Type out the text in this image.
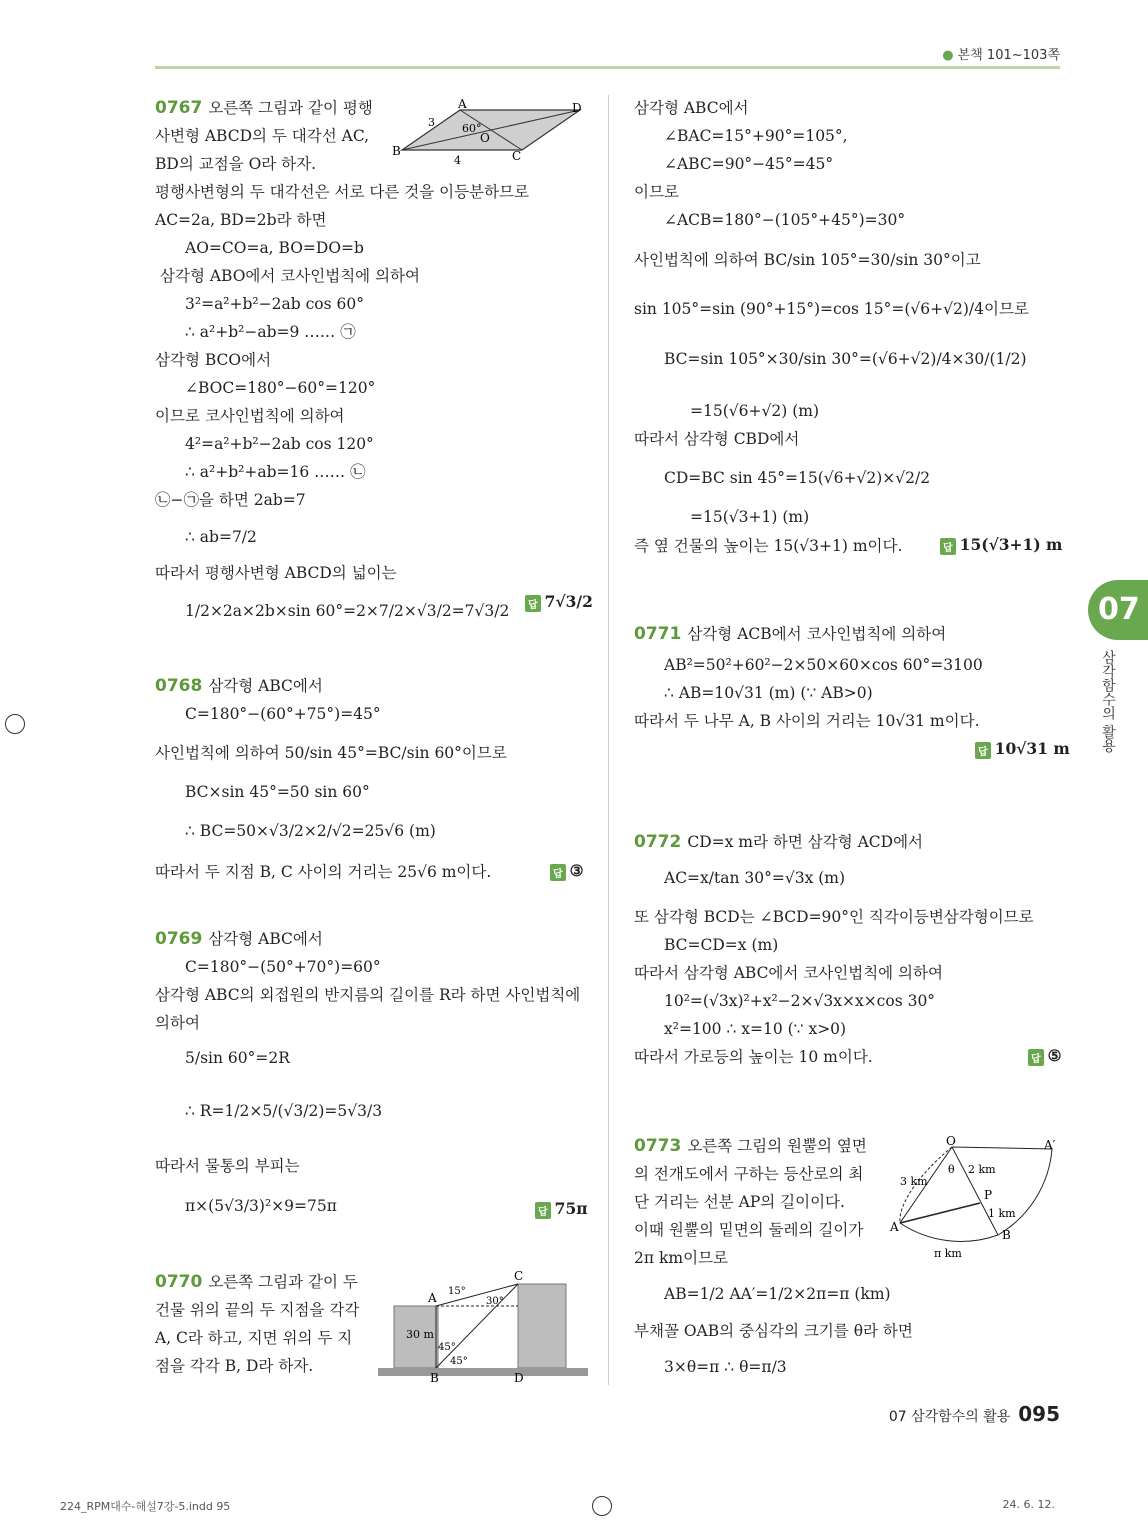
● 본책 101~103쪽
0767 오른쪽 그림과 같이 평행
사변형 ABCD의 두 대각선 AC,
BD의 교점을 O라 하자.
평행사변형의 두 대각선은 서로 다른 것을 이등분하므로
AC=2a, BD=2b라 하면
AO=CO=a, BO=DO=b
삼각형 ABO에서 코사인법칙에 의하여
3²=a²+b²−2ab cos 60°
∴ a²+b²−ab=9 …… ㉠
삼각형 BCO에서
∠BOC=180°−60°=120°
이므로 코사인법칙에 의하여
4²=a²+b²−2ab cos 120°
∴ a²+b²+ab=16 …… ㉡
㉡−㉠을 하면 2ab=7
∴ ab=7/2
따라서 평행사변형 ABCD의 넓이는
1/2×2a×2b×sin 60°=2×7/2×√3/2=7√3/2
0768 삼각형 ABC에서
C=180°−(60°+75°)=45°
사인법칙에 의하여 50/sin 45°=BC/sin 60°이므로
BC×sin 45°=50 sin 60°
∴ BC=50×√3/2×2/√2=25√6 (m)
따라서 두 지점 B, C 사이의 거리는 25√6 m이다.
0769 삼각형 ABC에서
C=180°−(50°+70°)=60°
삼각형 ABC의 외접원의 반지름의 길이를 R라 하면 사인법칙에
의하여
5/sin 60°=2R
∴ R=1/2×5/(√3/2)=5√3/3
따라서 물통의 부피는
π×(5√3/3)²×9=75π
0770 오른쪽 그림과 같이 두
건물 위의 끝의 두 지점을 각각
A, C라 하고, 지면 위의 두 지
점을 각각 B, D라 하자.
삼각형 ABC에서
∠BAC=15°+90°=105°,
∠ABC=90°−45°=45°
이므로
∠ACB=180°−(105°+45°)=30°
사인법칙에 의하여 BC/sin 105°=30/sin 30°이고
sin 105°=sin (90°+15°)=cos 15°=(√6+√2)/4이므로
BC=sin 105°×30/sin 30°=(√6+√2)/4×30/(1/2)
=15(√6+√2) (m)
따라서 삼각형 CBD에서
CD=BC sin 45°=15(√6+√2)×√2/2
=15(√3+1) (m)
즉 옆 건물의 높이는 15(√3+1) m이다.
0771 삼각형 ACB에서 코사인법칙에 의하여
AB²=50²+60²−2×50×60×cos 60°=3100
∴ AB=10√31 (m) (∵ AB>0)
따라서 두 나무 A, B 사이의 거리는 10√31 m이다.
0772 CD=x m라 하면 삼각형 ACD에서
AC=x/tan 30°=√3x (m)
또 삼각형 BCD는 ∠BCD=90°인 직각이등변삼각형이므로
BC=CD=x (m)
따라서 삼각형 ABC에서 코사인법칙에 의하여
10²=(√3x)²+x²−2×√3x×x×cos 30°
x²=100 ∴ x=10 (∵ x>0)
따라서 가로등의 높이는 10 m이다.
0773 오른쪽 그림의 원뿔의 옆면
의 전개도에서 구하는 등산로의 최
단 거리는 선분 AP의 길이이다.
이때 원뿔의 밑면의 둘레의 길이가
2π km이므로
AB=1/2 AA′=1/2×2π=π (km)
부채꼴 OAB의 중심각의 크기를 θ라 하면
3×θ=π ∴ θ=π/3
답 7√3/2
답 ③
답 75π
답 15(√3+1) m
답 10√31 m
답 ⑤
A
B	C
D
O
3
4
60°
A
B
C
D
30 m
15°
30°
45°
45°
O	A′
A
B
P
3 km
2 km
1 km
π km
θ
07
삼각함수의 활용
07 삼각함수의 활용 095
224_RPM대수-해설7강-5.indd 95	24. 6. 12.
